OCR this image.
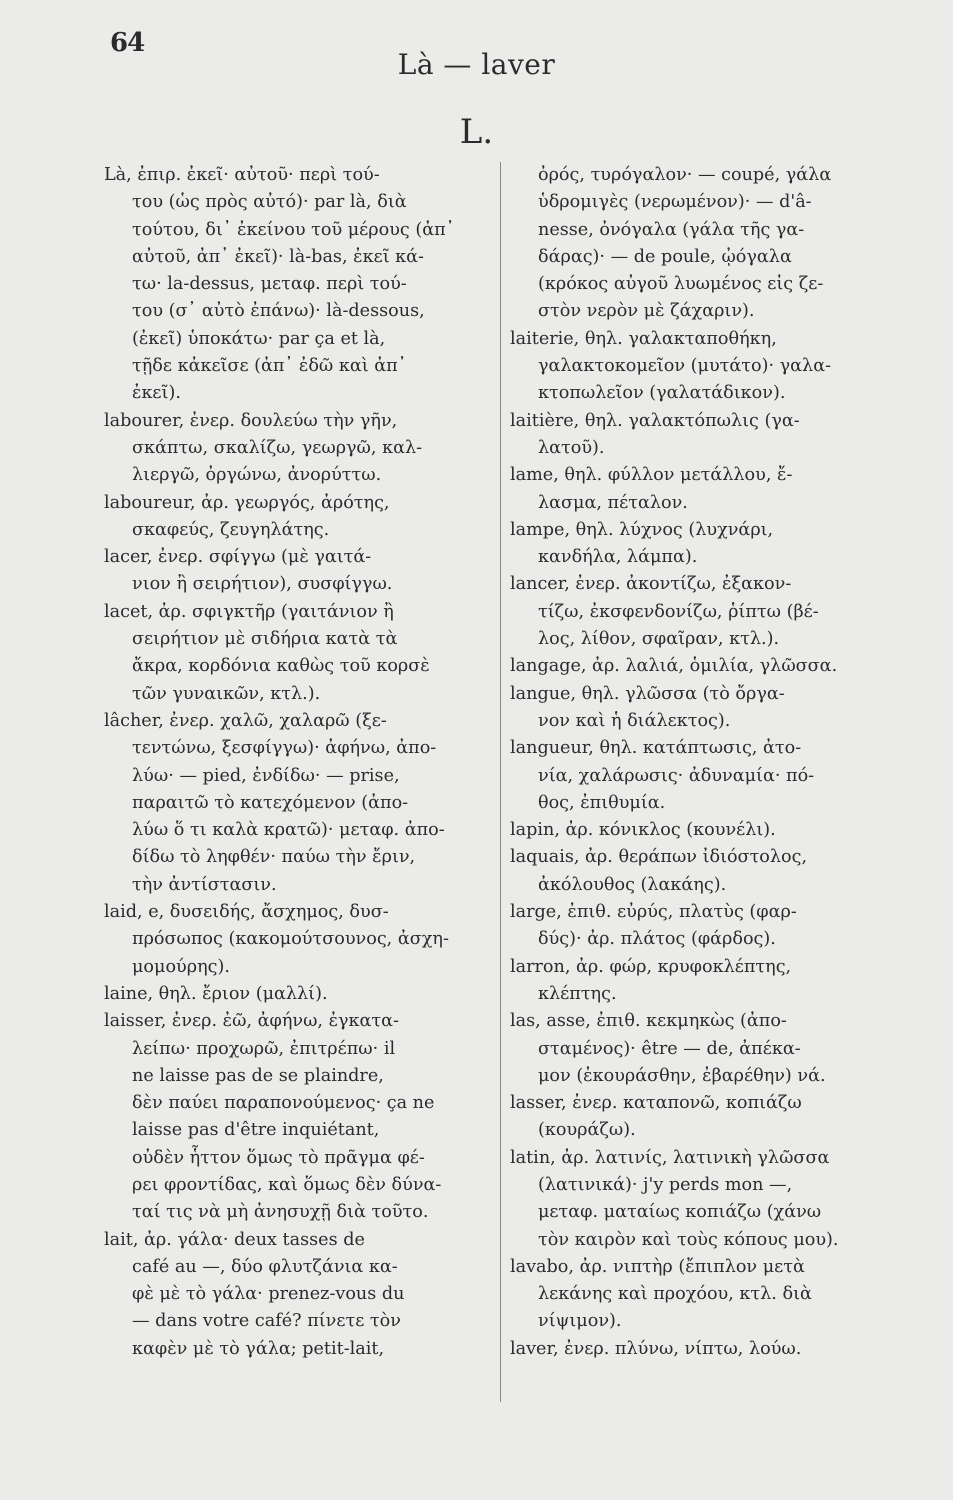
64
Là — laver
L.
Là, ἐπιρ. ἐκεῖ· αὐτοῦ· περὶ τού-
του (ὡς πρὸς αὐτό)· par là, διὰ
τούτου, δι᾿ ἐκείνου τοῦ μέρους (ἀπ᾿
αὐτοῦ, ἀπ᾿ ἐκεῖ)· là-bas, ἐκεῖ κά-
τω· la-dessus, μεταφ. περὶ τού-
του (σ᾿ αὐτὸ ἐπάνω)· là-dessous,
(ἐκεῖ) ὑποκάτω· par ça et là,
τῇδε κἀκεῖσε (ἀπ᾿ ἐδῶ καὶ ἀπ᾿
ἐκεῖ).
labourer, ἐνερ. δουλεύω τὴν γῆν,
σκάπτω, σκαλίζω, γεωργῶ, καλ-
λιεργῶ, ὀργώνω, ἀνορύττω.
laboureur, ἀρ. γεωργός, ἀρότης,
σκαφεύς, ζευγηλάτης.
lacer, ἐνερ. σφίγγω (μὲ γαιτά-
νιον ἢ σειρήτιον), συσφίγγω.
lacet, ἀρ. σφιγκτῆρ (γαιτάνιον ἢ
σειρήτιον μὲ σιδήρια κατὰ τὰ
ἄκρα, κορδόνια καθὼς τοῦ κορσὲ
τῶν γυναικῶν, κτλ.).
lâcher, ἐνερ. χαλῶ, χαλαρῶ (ξε-
τεντώνω, ξεσφίγγω)· ἀφήνω, ἀπο-
λύω· — pied, ἐνδίδω· — prise,
παραιτῶ τὸ κατεχόμενον (ἀπο-
λύω ὅ τι καλὰ κρατῶ)· μεταφ. ἀπο-
δίδω τὸ ληφθέν· παύω τὴν ἔριν,
τὴν ἀντίστασιν.
laid, e, δυσειδής, ἄσχημος, δυσ-
πρόσωπος (κακομούτσουνος, ἀσχη-
μομούρης).
laine, θηλ. ἔριον (μαλλί).
laisser, ἐνερ. ἐῶ, ἀφήνω, ἐγκατα-
λείπω· προχωρῶ, ἐπιτρέπω· il
ne laisse pas de se plaindre,
δὲν παύει παραπονούμενος· ça ne
laisse pas d'être inquiétant,
οὐδὲν ἧττον ὅμως τὸ πρᾶγμα φέ-
ρει φροντίδας, καὶ ὅμως δὲν δύνα-
ταί τις νὰ μὴ ἀνησυχῇ διὰ τοῦτο.
lait, ἀρ. γάλα· deux tasses de
café au —, δύο φλυτζάνια κα-
φὲ μὲ τὸ γάλα· prenez-vous du
— dans votre café? πίνετε τὸν
καφὲν μὲ τὸ γάλα; petit-lait,
ὀρός, τυρόγαλον· — coupé, γάλα
ὑδρομιγὲς (νερωμένον)· — d'â-
nesse, ὀνόγαλα (γάλα τῆς γα-
δάρας)· — de poule, ᾠόγαλα
(κρόκος αὐγοῦ λυωμένος εἰς ζε-
στὸν νερὸν μὲ ζάχαριν).
laiterie, θηλ. γαλακταποθήκη,
γαλακτοκομεῖον (μυτάτο)· γαλα-
κτοπωλεῖον (γαλατάδικον).
laitière, θηλ. γαλακτόπωλις (γα-
λατοῦ).
lame, θηλ. φύλλον μετάλλου, ἔ-
λασμα, πέταλον.
lampe, θηλ. λύχνος (λυχνάρι,
κανδήλα, λάμπα).
lancer, ἐνερ. ἀκοντίζω, ἐξακον-
τίζω, ἐκσφενδονίζω, ῥίπτω (βέ-
λος, λίθον, σφαῖραν, κτλ.).
langage, ἀρ. λαλιά, ὁμιλία, γλῶσσα.
langue, θηλ. γλῶσσα (τὸ ὄργα-
νον καὶ ἡ διάλεκτος).
langueur, θηλ. κατάπτωσις, ἀτο-
νία, χαλάρωσις· ἀδυναμία· πό-
θος, ἐπιθυμία.
lapin, ἀρ. κόνικλος (κουνέλι).
laquais, ἀρ. θεράπων ἰδιόστολος,
ἀκόλουθος (λακάης).
large, ἐπιθ. εὐρύς, πλατὺς (φαρ-
δύς)· ἀρ. πλάτος (φάρδος).
larron, ἀρ. φώρ, κρυφοκλέπτης,
κλέπτης.
las, asse, ἐπιθ. κεκμηκὼς (ἀπο-
σταμένος)· être — de, ἀπέκα-
μον (ἐκουράσθην, ἐβαρέθην) νά.
lasser, ἐνερ. καταπονῶ, κοπιάζω
(κουράζω).
latin, ἀρ. λατινίς, λατινικὴ γλῶσσα
(λατινικά)· j'y perds mon —,
μεταφ. ματαίως κοπιάζω (χάνω
τὸν καιρὸν καὶ τοὺς κόπους μου).
lavabo, ἀρ. νιπτὴρ (ἔπιπλον μετὰ
λεκάνης καὶ προχόου, κτλ. διὰ
νίψιμον).
laver, ἐνερ. πλύνω, νίπτω, λούω.
